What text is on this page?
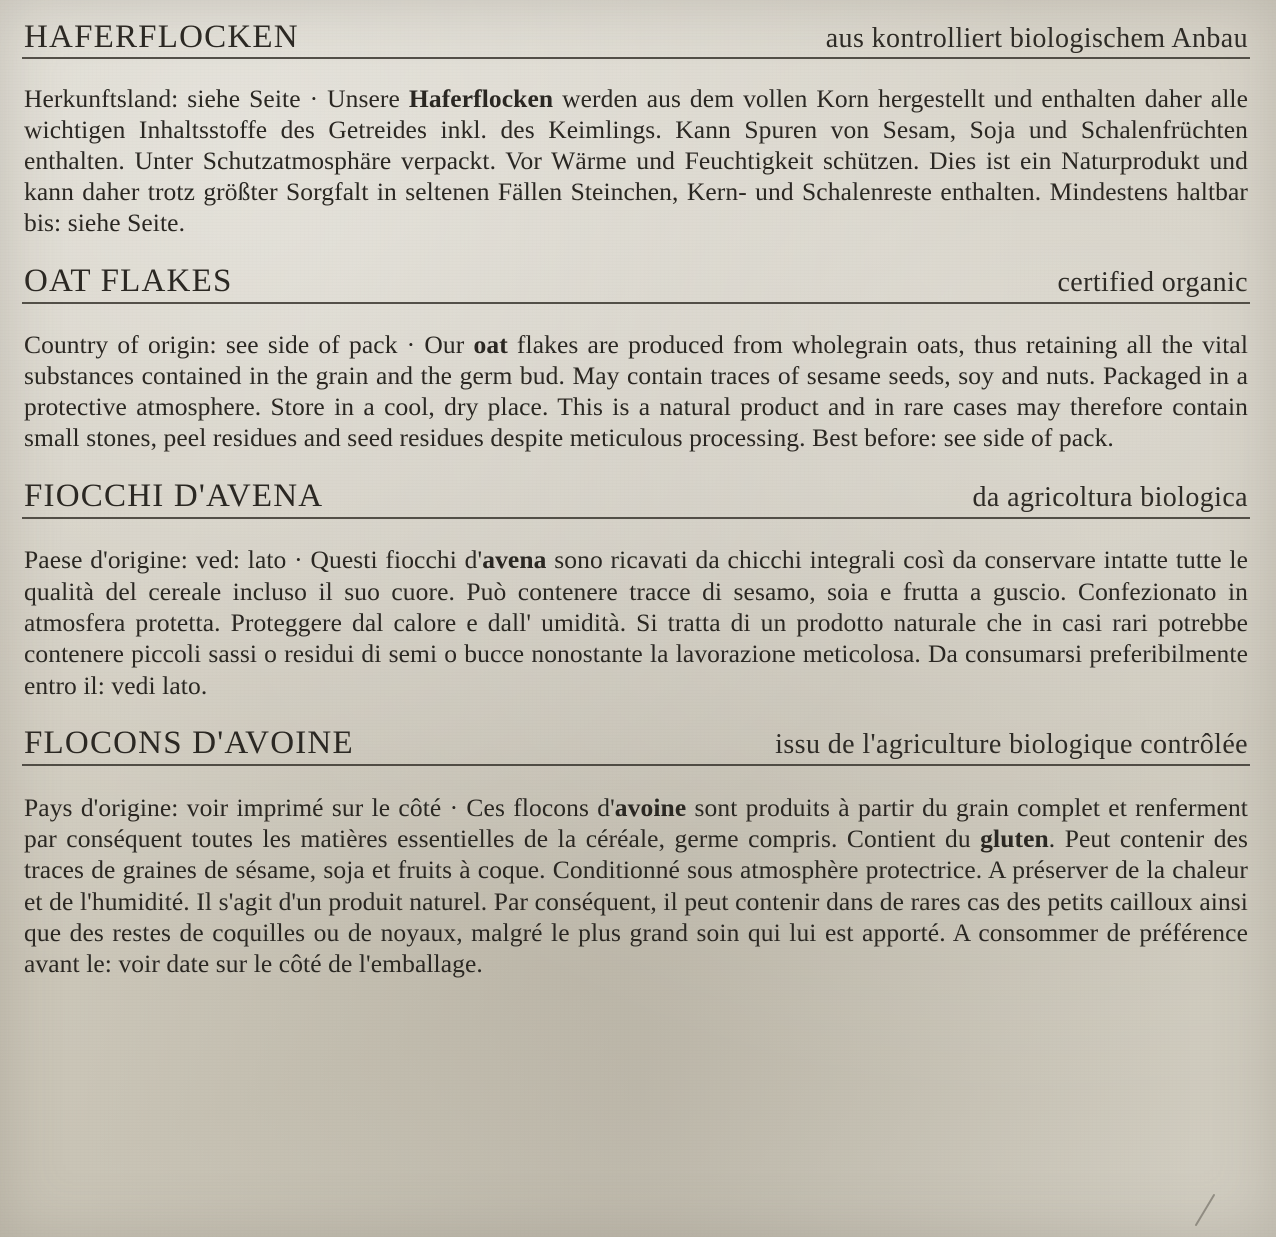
HAFERFLOCKEN	aus kontrolliert biologischem Anbau

Herkunftsland: siehe Seite · Unsere Haferflocken werden aus dem vollen Korn hergestellt und enthalten daher alle wichtigen Inhaltsstoffe des Getreides inkl. des Keimlings. Kann Spuren von Sesam, Soja und Schalenfrüchten enthalten. Unter Schutzatmosphäre verpackt. Vor Wärme und Feuchtigkeit schützen. Dies ist ein Naturprodukt und kann daher trotz größter Sorgfalt in seltenen Fällen Steinchen, Kern- und Schalenreste enthalten. Mindestens haltbar bis: siehe Seite.

OAT FLAKES	certified organic

Country of origin: see side of pack · Our oat flakes are produced from wholegrain oats, thus retaining all the vital substances contained in the grain and the germ bud. May contain traces of sesame seeds, soy and nuts. Packaged in a protective atmosphere. Store in a cool, dry place. This is a natural product and in rare cases may therefore contain small stones, peel residues and seed residues despite meticulous processing. Best before: see side of pack.

FIOCCHI D'AVENA	da agricoltura biologica

Paese d'origine: ved: lato · Questi fiocchi d'avena sono ricavati da chicchi integrali così da conservare intatte tutte le qualità del cereale incluso il suo cuore. Può contenere tracce di sesamo, soia e frutta a guscio. Confezionato in atmosfera protetta. Proteggere dal calore e dall' umidità. Si tratta di un prodotto naturale che in casi rari potrebbe contenere piccoli sassi o residui di semi o bucce nonostante la lavorazione meticolosa. Da consumarsi preferibilmente entro il: vedi lato.

FLOCONS D'AVOINE	issu de l'agriculture biologique contrôlée

Pays d'origine: voir imprimé sur le côté · Ces flocons d'avoine sont produits à partir du grain complet et renferment par conséquent toutes les matières essentielles de la céréale, germe compris. Contient du gluten. Peut contenir des traces de graines de sésame, soja et fruits à coque. Conditionné sous atmosphère protectrice. A préserver de la chaleur et de l'humidité. Il s'agit d'un produit naturel. Par conséquent, il peut contenir dans de rares cas des petits cailloux ainsi que des restes de coquilles ou de noyaux, malgré le plus grand soin qui lui est apporté. A consommer de préférence avant le: voir date sur le côté de l'emballage.
